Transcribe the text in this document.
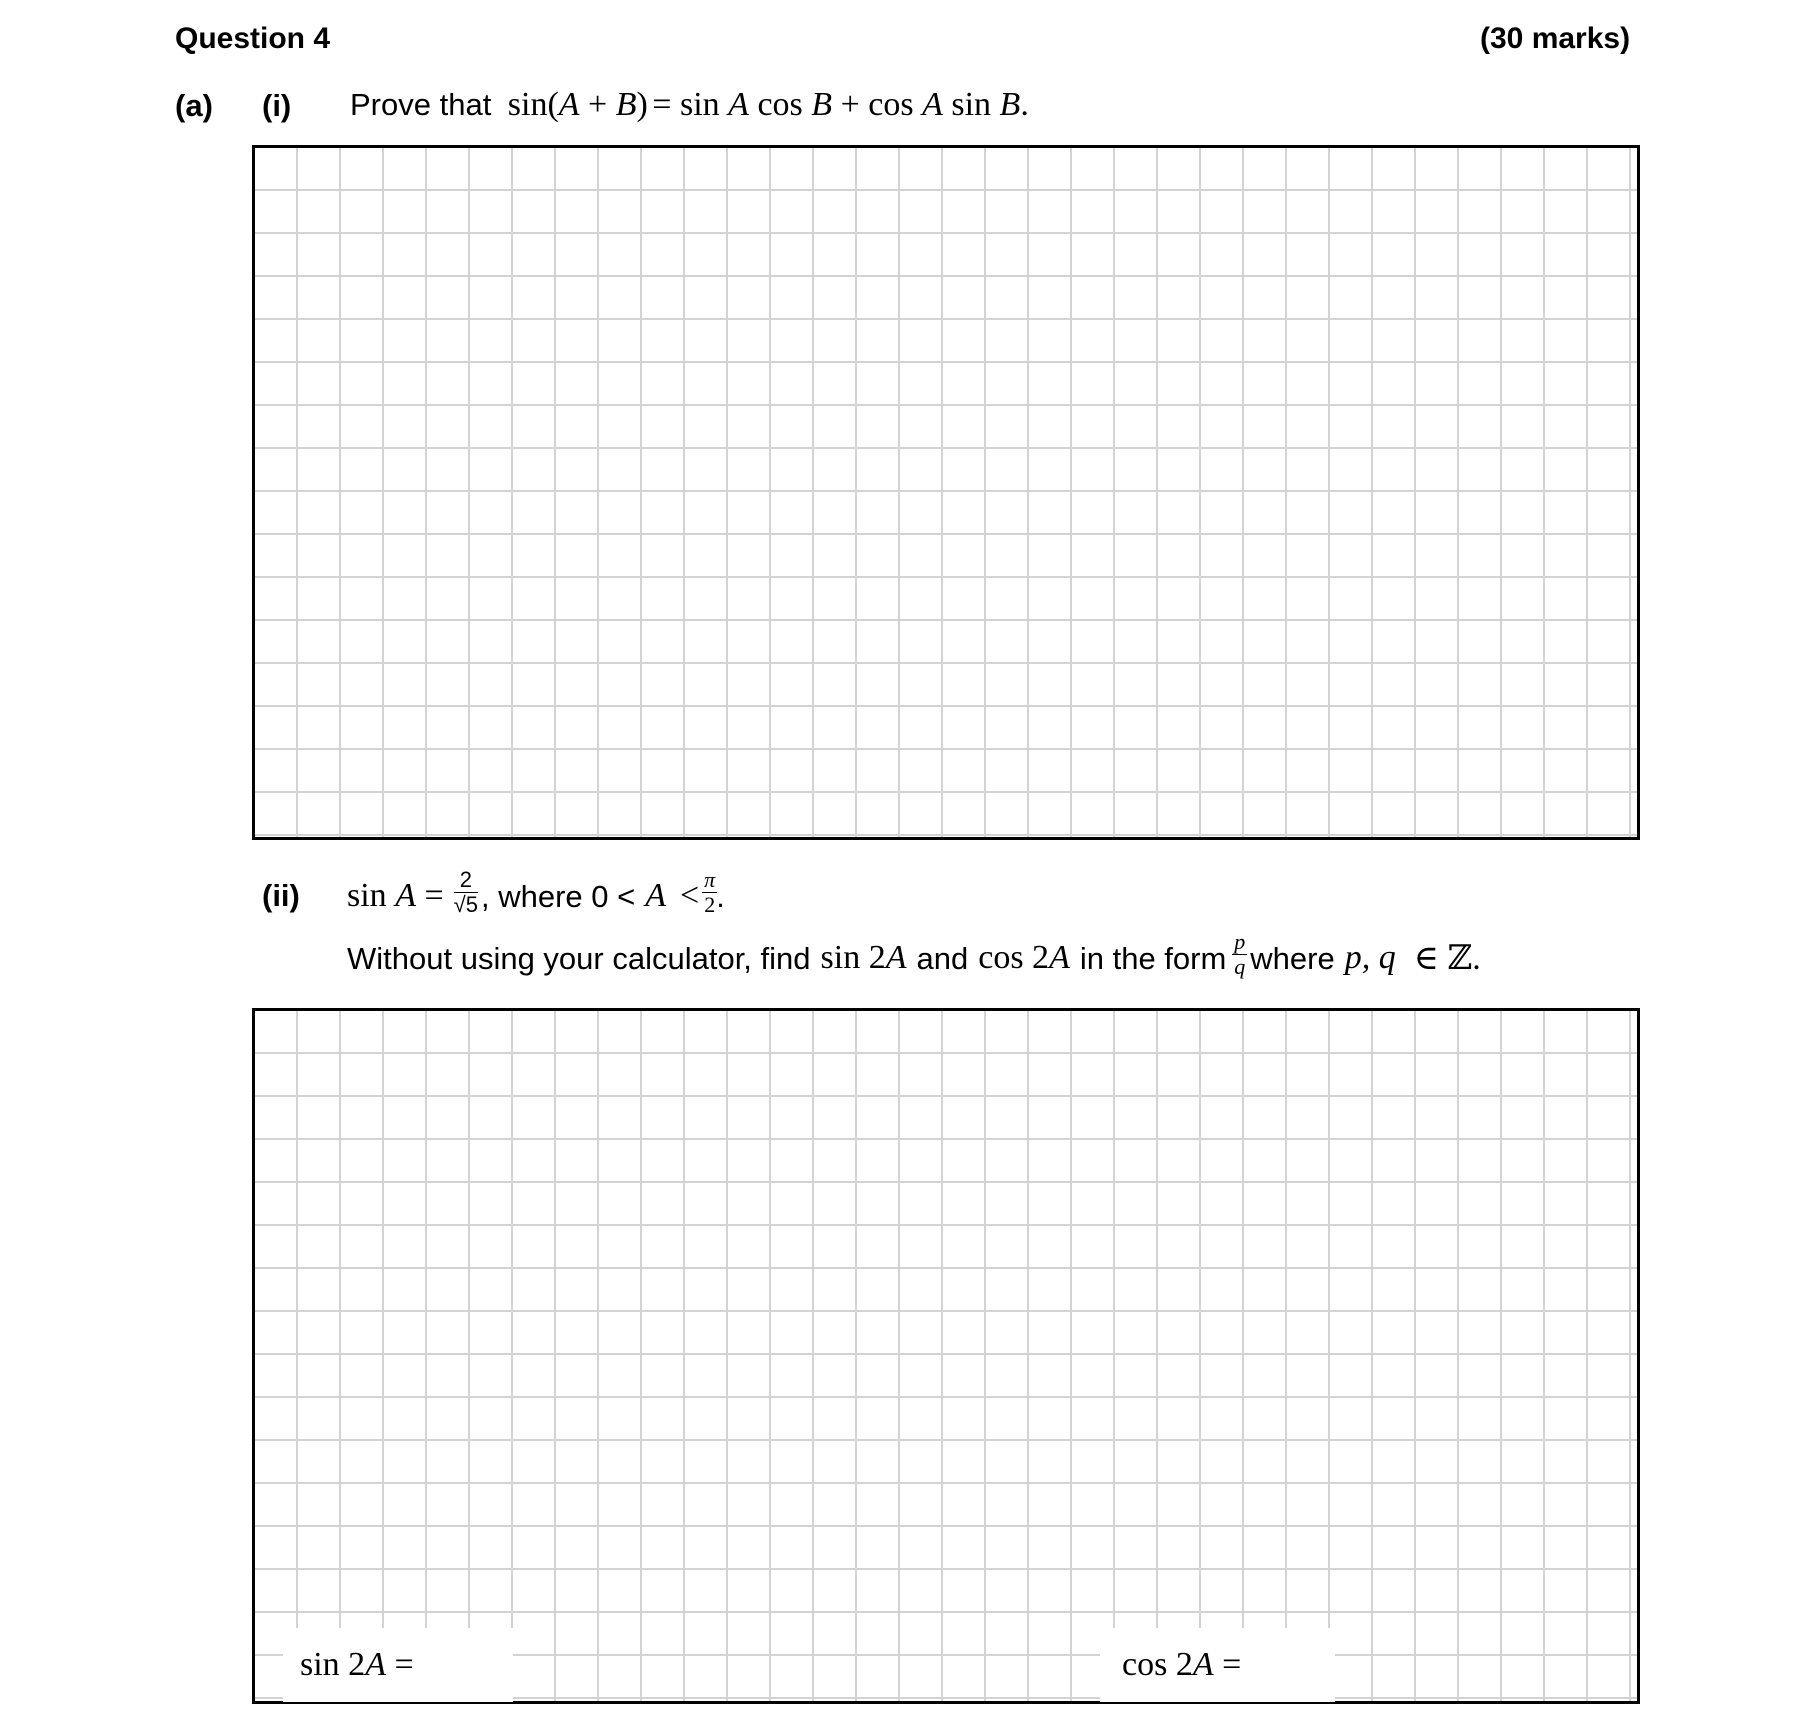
Question 4	(30 marks)
(a) (i) Prove that sin(A + B) = sin A cos B + cos A sin B.
(ii) $\sin A = \frac{2}{√5}$ , where $0 < A < \frac{\pi}{2}$ .
Without using your calculator, find sin 2A and cos 2A in the form $\frac{p}{q}$ where p, q ∈ ℤ.
sin 2A =	cos 2A =
